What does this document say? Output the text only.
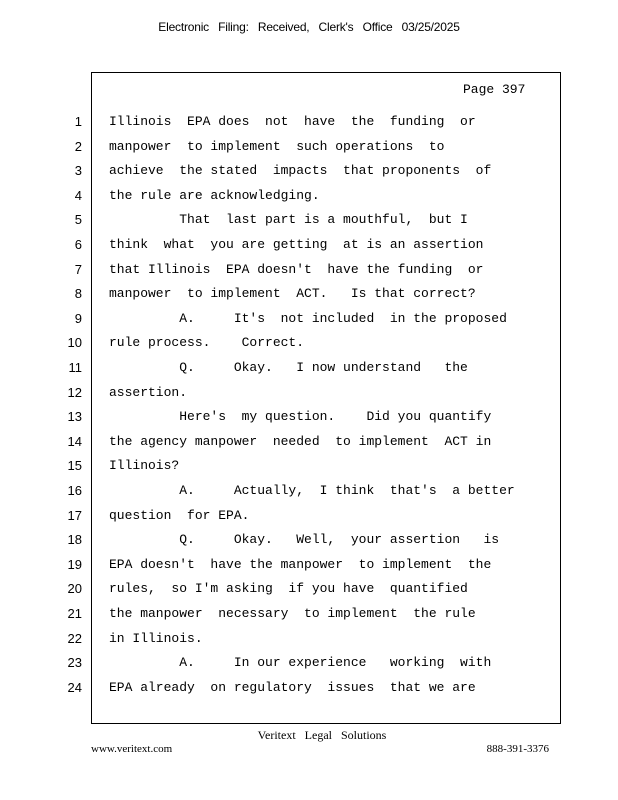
Electronic Filing: Received, Clerk's Office 03/25/2025
Page 397
1 Illinois  EPA does  not  have  the  funding  or
2 manpower  to implement  such operations  to
3 achieve  the stated  impacts  that proponents  of
4 the rule are acknowledging.
5 That  last part is a mouthful,  but I
6 think  what  you are getting  at is an assertion
7 that Illinois  EPA doesn't  have the funding  or
8 manpower  to implement  ACT.   Is that correct?
9 A.     It's  not included  in the proposed
10 rule process.    Correct.
11 Q.     Okay.   I now understand   the
12 assertion.
13 Here's  my question.    Did you quantify
14 the agency manpower  needed  to implement  ACT in
15 Illinois?
16 A.     Actually,  I think  that's  a better
17 question  for EPA.
18 Q.     Okay.   Well,  your assertion   is
19 EPA doesn't  have the manpower  to implement  the
20 rules,  so I'm asking  if you have  quantified
21 the manpower  necessary  to implement  the rule
22 in Illinois.
23 A.     In our experience   working  with
24 EPA already  on regulatory  issues  that we are
Veritext Legal Solutions
www.veritext.com	888-391-3376
